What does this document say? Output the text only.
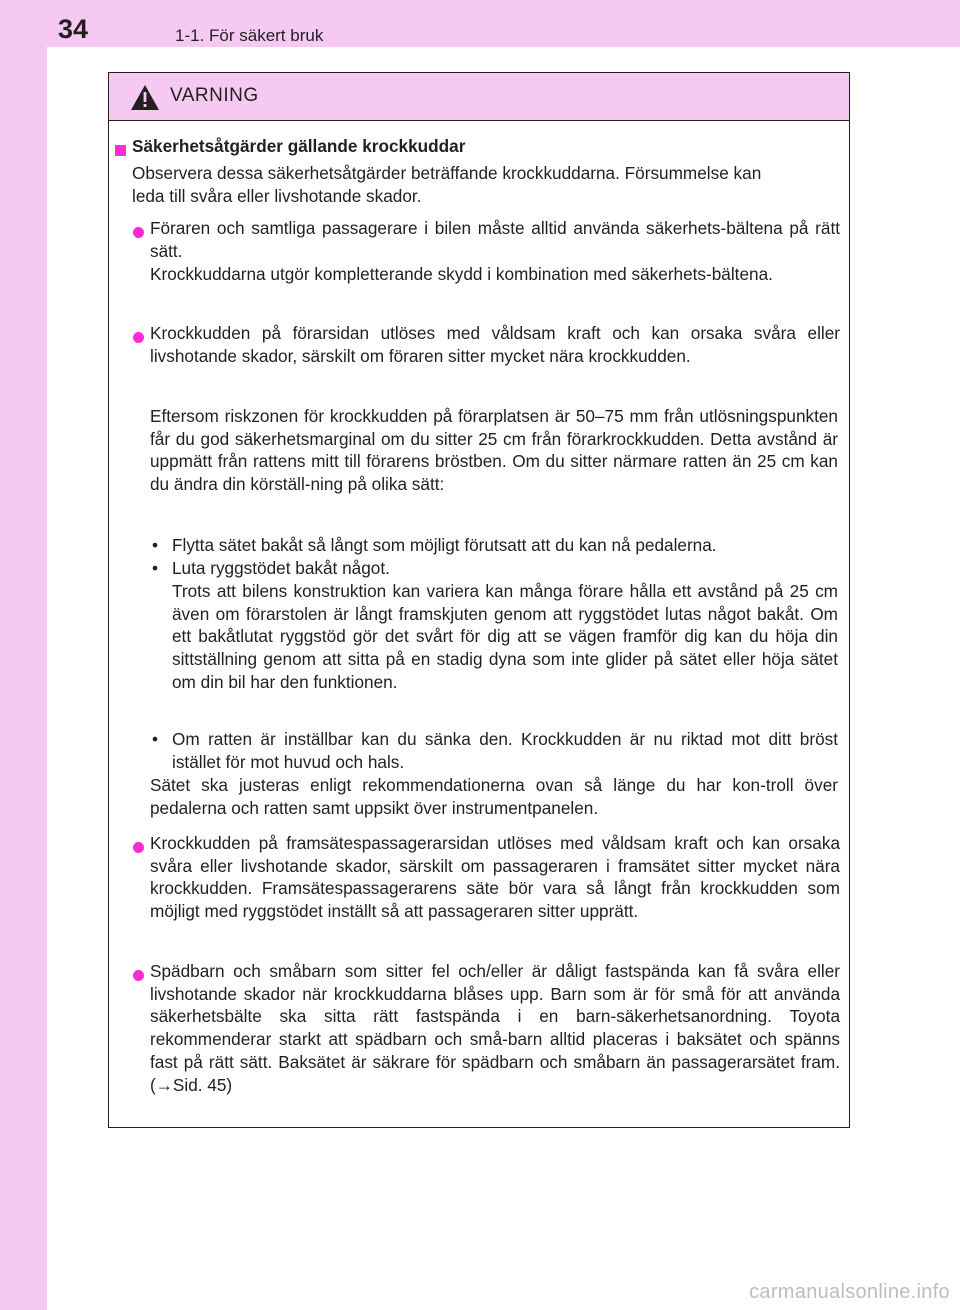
34	1-1. För säkert bruk
VARNING

Säkerhetsåtgärder gällande krockkuddar

Observera dessa säkerhetsåtgärder beträffande krockkuddarna. Försummelse kan leda till svåra eller livshotande skador.

Föraren och samtliga passagerare i bilen måste alltid använda säkerhets-bältena på rätt sätt.

Krockkuddarna utgör kompletterande skydd i kombination med säkerhets-bältena.

Krockkudden på förarsidan utlöses med våldsam kraft och kan orsaka svåra eller livshotande skador, särskilt om föraren sitter mycket nära krockkudden.

Eftersom riskzonen för krockkudden på förarplatsen är 50–75 mm från utlösningspunkten får du god säkerhetsmarginal om du sitter 25 cm från förarkrockkudden. Detta avstånd är uppmätt från rattens mitt till förarens bröstben. Om du sitter närmare ratten än 25 cm kan du ändra din körställ-ning på olika sätt:

• Flytta sätet bakåt så långt som möjligt förutsatt att du kan nå pedalerna.

• Luta ryggstödet bakåt något.

Trots att bilens konstruktion kan variera kan många förare hålla ett avstånd på 25 cm även om förarstolen är långt framskjuten genom att ryggstödet lutas något bakåt. Om ett bakåtlutat ryggstöd gör det svårt för dig att se vägen framför dig kan du höja din sittställning genom att sitta på en stadig dyna som inte glider på sätet eller höja sätet om din bil har den funktionen.

• Om ratten är inställbar kan du sänka den. Krockkudden är nu riktad mot ditt bröst istället för mot huvud och hals.

Sätet ska justeras enligt rekommendationerna ovan så länge du har kon-troll över pedalerna och ratten samt uppsikt över instrumentpanelen.

Krockkudden på framsätespassagerarsidan utlöses med våldsam kraft och kan orsaka svåra eller livshotande skador, särskilt om passageraren i framsätet sitter mycket nära krockkudden. Framsätespassagerarens säte bör vara så långt från krockkudden som möjligt med ryggstödet inställt så att passageraren sitter upprätt.

Spädbarn och småbarn som sitter fel och/eller är dåligt fastspända kan få svåra eller livshotande skador när krockkuddarna blåses upp. Barn som är för små för att använda säkerhetsbälte ska sitta rätt fastspända i en barn-säkerhetsanordning. Toyota rekommenderar starkt att spädbarn och små-barn alltid placeras i baksätet och spänns fast på rätt sätt. Baksätet är säkrare för spädbarn och småbarn än passagerarsätet fram. (→Sid. 45)

carmanualsonline.info
